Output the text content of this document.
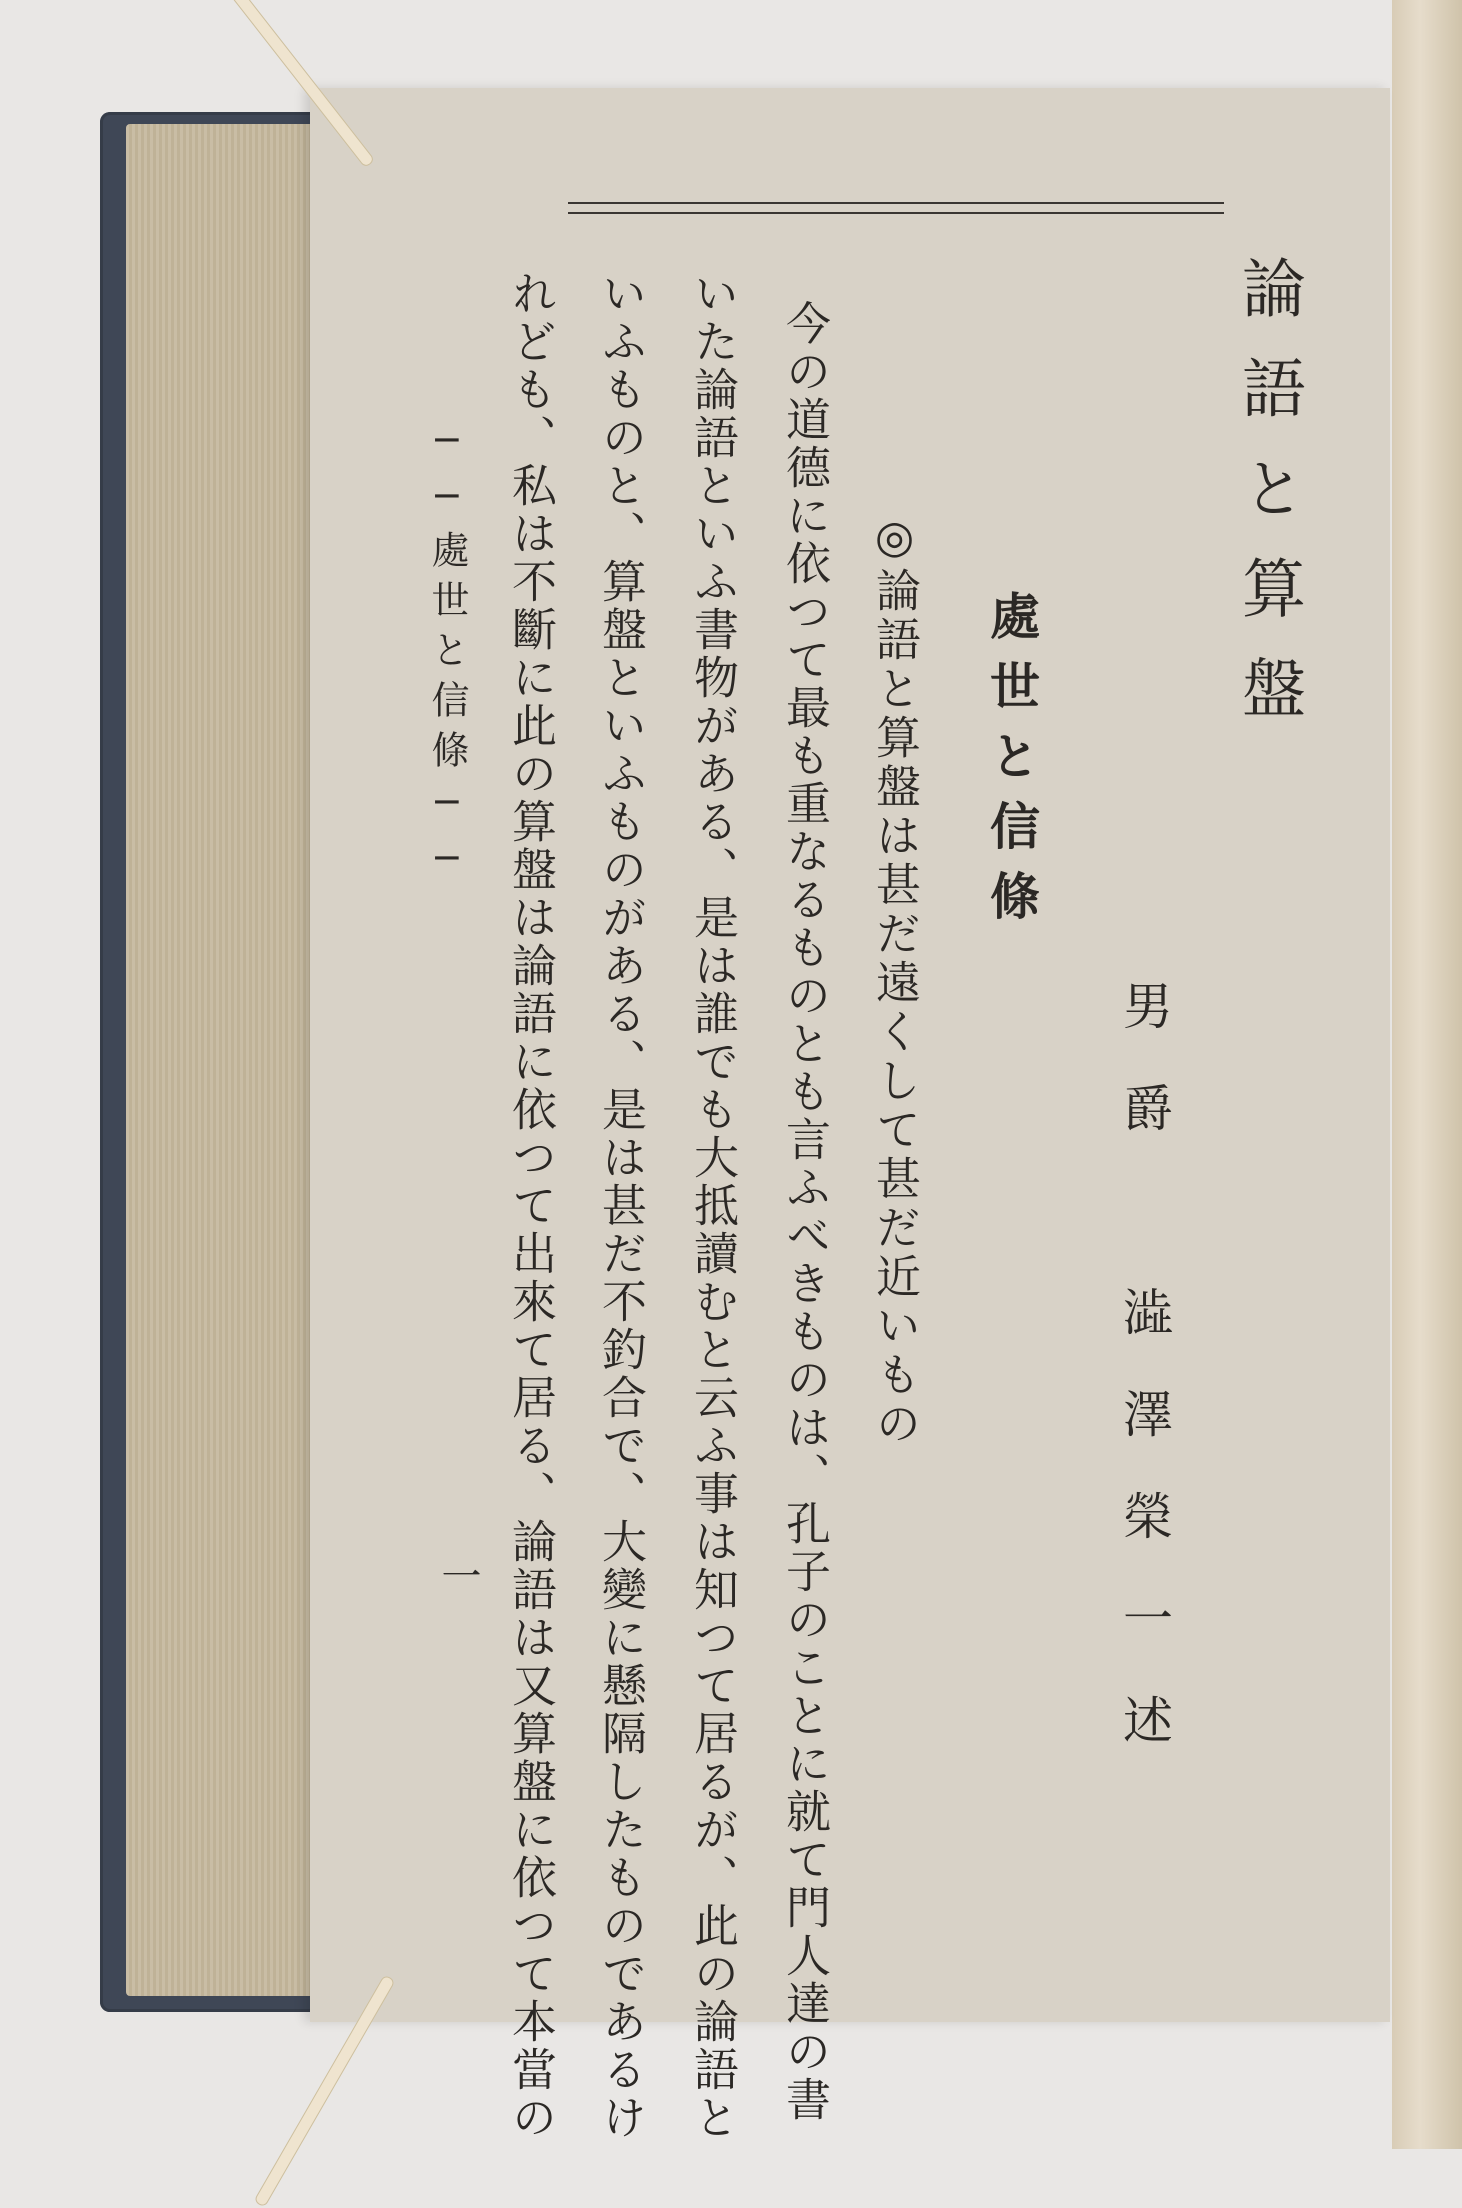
論語と算盤
處世と信條
男爵　澁澤榮一述
◎論語と算盤は甚だ遠くして甚だ近いもの
今の道德に依つて最も重なるものとも言ふべきものは、孔子のことに就て門人達の書
いた論語といふ書物がある、是は誰でも大抵讀むと云ふ事は知つて居るが、此の論語と
いふものと、算盤といふものがある、是は甚だ不釣合で、大變に懸隔したものであるけ
れども、私は不斷に此の算盤は論語に依つて出來て居る、論語は又算盤に依つて本當の
──處世と信條──
一
